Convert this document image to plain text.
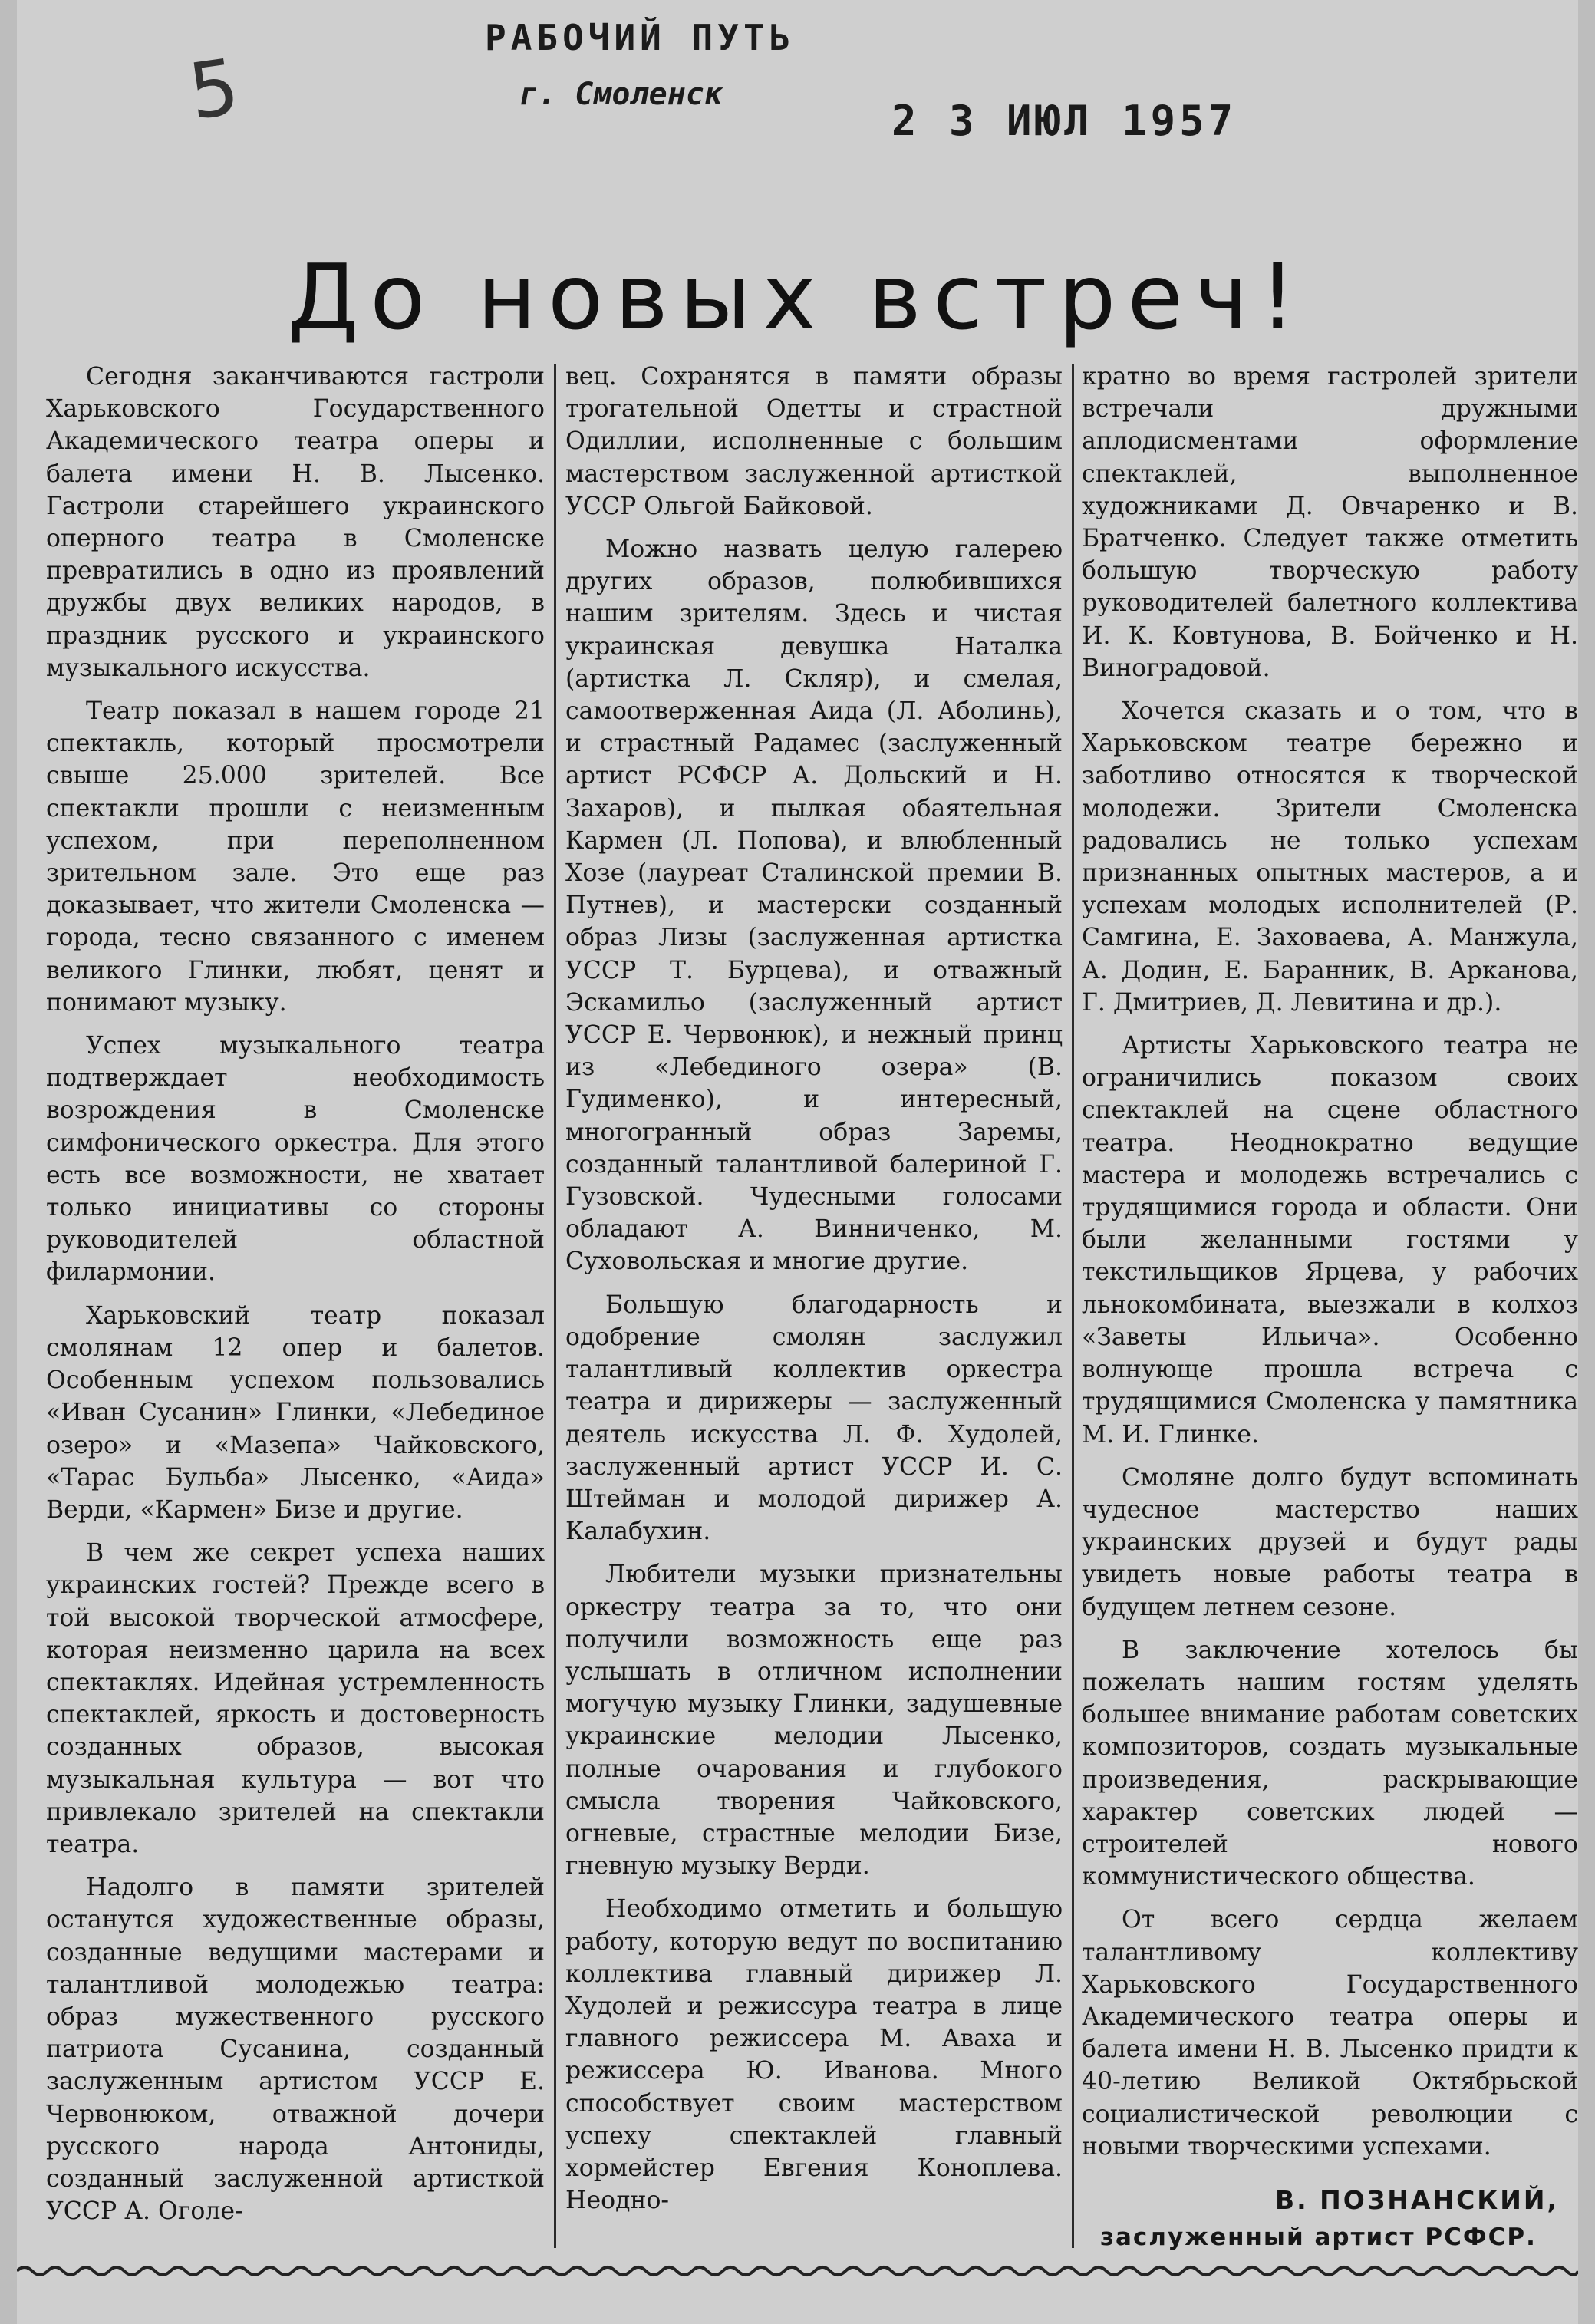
5
РАБОЧИЙ ПУТЬ
г. Смоленск
2 3 ИЮЛ 1957
До новых встреч!

Сегодня заканчиваются гастроли Харьковского Государственного Академического театра оперы и балета имени Н. В. Лысенко. Гастроли старейшего украинского оперного театра в Смоленске превратились в одно из проявлений дружбы двух великих народов, в праздник русского и украинского музыкального искусства.

Театр показал в нашем городе 21 спектакль, который просмотрели свыше 25.000 зрителей. Все спектакли прошли с неизменным успехом, при переполненном зрительном зале. Это еще раз доказывает, что жители Смоленска — города, тесно связанного с именем великого Глинки, любят, ценят и понимают музыку.

Успех музыкального театра подтверждает необходимость возрождения в Смоленске симфонического оркестра. Для этого есть все возможности, не хватает только инициативы со стороны руководителей областной филармонии.

Харьковский театр показал смолянам 12 опер и балетов. Особенным успехом пользовались «Иван Сусанин» Глинки, «Лебединое озеро» и «Мазепа» Чайковского, «Тарас Бульба» Лысенко, «Аида» Верди, «Кармен» Бизе и другие.

В чем же секрет успеха наших украинских гостей? Прежде всего в той высокой творческой атмосфере, которая неизменно царила на всех спектаклях. Идейная устремленность спектаклей, яркость и достоверность созданных образов, высокая музыкальная культура — вот что привлекало зрителей на спектакли театра.

Надолго в памяти зрителей останутся художественные образы, созданные ведущими мастерами и талантливой молодежью театра: образ мужественного русского патриота Сусанина, созданный заслуженным артистом УССР Е. Червонюком, отважной дочери русского народа Антониды, созданный заслуженной артисткой УССР А. Оголе-

вец. Сохранятся в памяти образы трогательной Одетты и страстной Одиллии, исполненные с большим мастерством заслуженной артисткой УССР Ольгой Байковой.

Можно назвать целую галерею других образов, полюбившихся нашим зрителям. Здесь и чистая украинская девушка Наталка (артистка Л. Скляр), и смелая, самоотверженная Аида (Л. Аболинь), и страстный Радамес (заслуженный артист РСФСР А. Дольский и Н. Захаров), и пылкая обаятельная Кармен (Л. Попова), и влюбленный Хозе (лауреат Сталинской премии В. Путнев), и мастерски созданный образ Лизы (заслуженная артистка УССР Т. Бурцева), и отважный Эскамильо (заслуженный артист УССР Е. Червонюк), и нежный принц из «Лебединого озера» (В. Гудименко), и интересный, многогранный образ Заремы, созданный талантливой балериной Г. Гузовской. Чудесными голосами обладают А. Винниченко, М. Суховольская и многие другие.

Большую благодарность и одобрение смолян заслужил талантливый коллектив оркестра театра и дирижеры — заслуженный деятель искусства Л. Ф. Худолей, заслуженный артист УССР И. С. Штейман и молодой дирижер А. Калабухин.

Любители музыки признательны оркестру театра за то, что они получили возможность еще раз услышать в отличном исполнении могучую музыку Глинки, задушевные украинские мелодии Лысенко, полные очарования и глубокого смысла творения Чайковского, огневые, страстные мелодии Бизе, гневную музыку Верди.

Необходимо отметить и большую работу, которую ведут по воспитанию коллектива главный дирижер Л. Худолей и режиссура театра в лице главного режиссера М. Аваха и режиссера Ю. Иванова. Много способствует своим мастерством успеху спектаклей главный хормейстер Евгения Коноплева. Неодно-

кратно во время гастролей зрители встречали дружными аплодисментами оформление спектаклей, выполненное художниками Д. Овчаренко и В. Братченко. Следует также отметить большую творческую работу руководителей балетного коллектива И. К. Ковтунова, В. Бойченко и Н. Виноградовой.

Хочется сказать и о том, что в Харьковском театре бережно и заботливо относятся к творческой молодежи. Зрители Смоленска радовались не только успехам признанных опытных мастеров, а и успехам молодых исполнителей (Р. Самгина, Е. Заховаева, А. Манжула, А. Додин, Е. Баранник, В. Арканова, Г. Дмитриев, Д. Левитина и др.).

Артисты Харьковского театра не ограничились показом своих спектаклей на сцене областного театра. Неоднократно ведущие мастера и молодежь встречались с трудящимися города и области. Они были желанными гостями у текстильщиков Ярцева, у рабочих льнокомбината, выезжали в колхоз «Заветы Ильича». Особенно волнующе прошла встреча с трудящимися Смоленска у памятника М. И. Глинке.

Смоляне долго будут вспоминать чудесное мастерство наших украинских друзей и будут рады увидеть новые работы театра в будущем летнем сезоне.

В заключение хотелось бы пожелать нашим гостям уделять большее внимание работам советских композиторов, создать музыкальные произведения, раскрывающие характер советских людей — строителей нового коммунистического общества.

От всего сердца желаем талантливому коллективу Харьковского Государственного Академического театра оперы и балета имени Н. В. Лысенко придти к 40-летию Великой Октябрьской социалистической революции с новыми творческими успехами.

В. ПОЗНАНСКИЙ,
заслуженный артист РСФСР.
